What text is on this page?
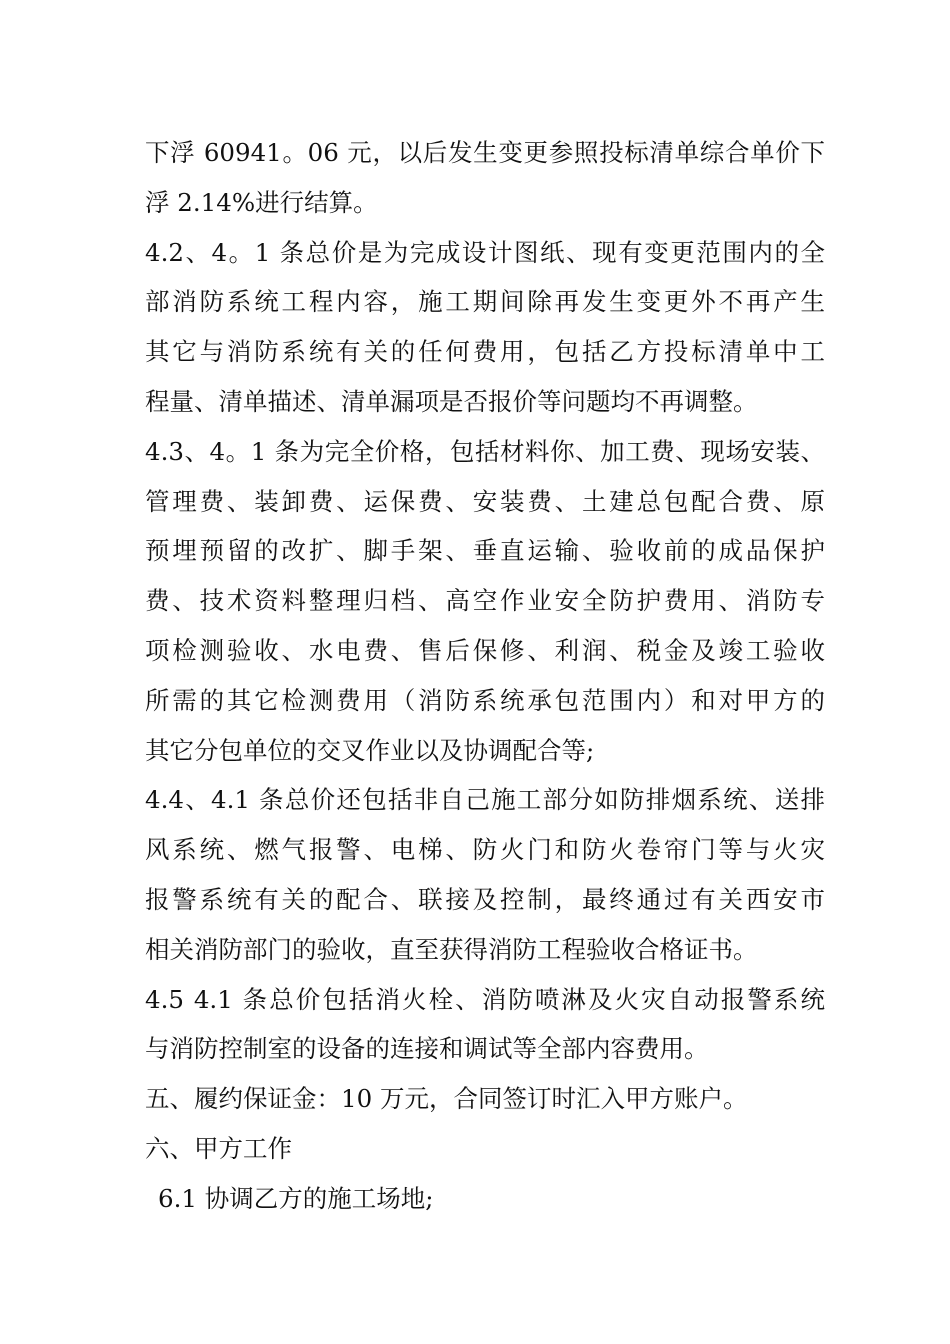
下浮 60941。06 元，以后发生变更参照投标清单综合单价下
浮 2.14%进行结算。
4.2、4。1 条总价是为完成设计图纸、现有变更范围内的全
部消防系统工程内容，施工期间除再发生变更外不再产生
其它与消防系统有关的任何费用，包括乙方投标清单中工
程量、清单描述、清单漏项是否报价等问题均不再调整。
4.3、4。1 条为完全价格，包括材料你、加工费、现场安装、
管理费、装卸费、运保费、安装费、土建总包配合费、原
预埋预留的改扩、脚手架、垂直运输、验收前的成品保护
费、技术资料整理归档、高空作业安全防护费用、消防专
项检测验收、水电费、售后保修、利润、税金及竣工验收
所需的其它检测费用（消防系统承包范围内）和对甲方的
其它分包单位的交叉作业以及协调配合等;
4.4、4.1 条总价还包括非自己施工部分如防排烟系统、送排
风系统、燃气报警、电梯、防火门和防火卷帘门等与火灾
报警系统有关的配合、联接及控制，最终通过有关西安市
相关消防部门的验收，直至获得消防工程验收合格证书。
4.5 4.1 条总价包括消火栓、消防喷淋及火灾自动报警系统
与消防控制室的设备的连接和调试等全部内容费用。
五、履约保证金：10 万元，合同签订时汇入甲方账户。
六、甲方工作
6.1 协调乙方的施工场地;
